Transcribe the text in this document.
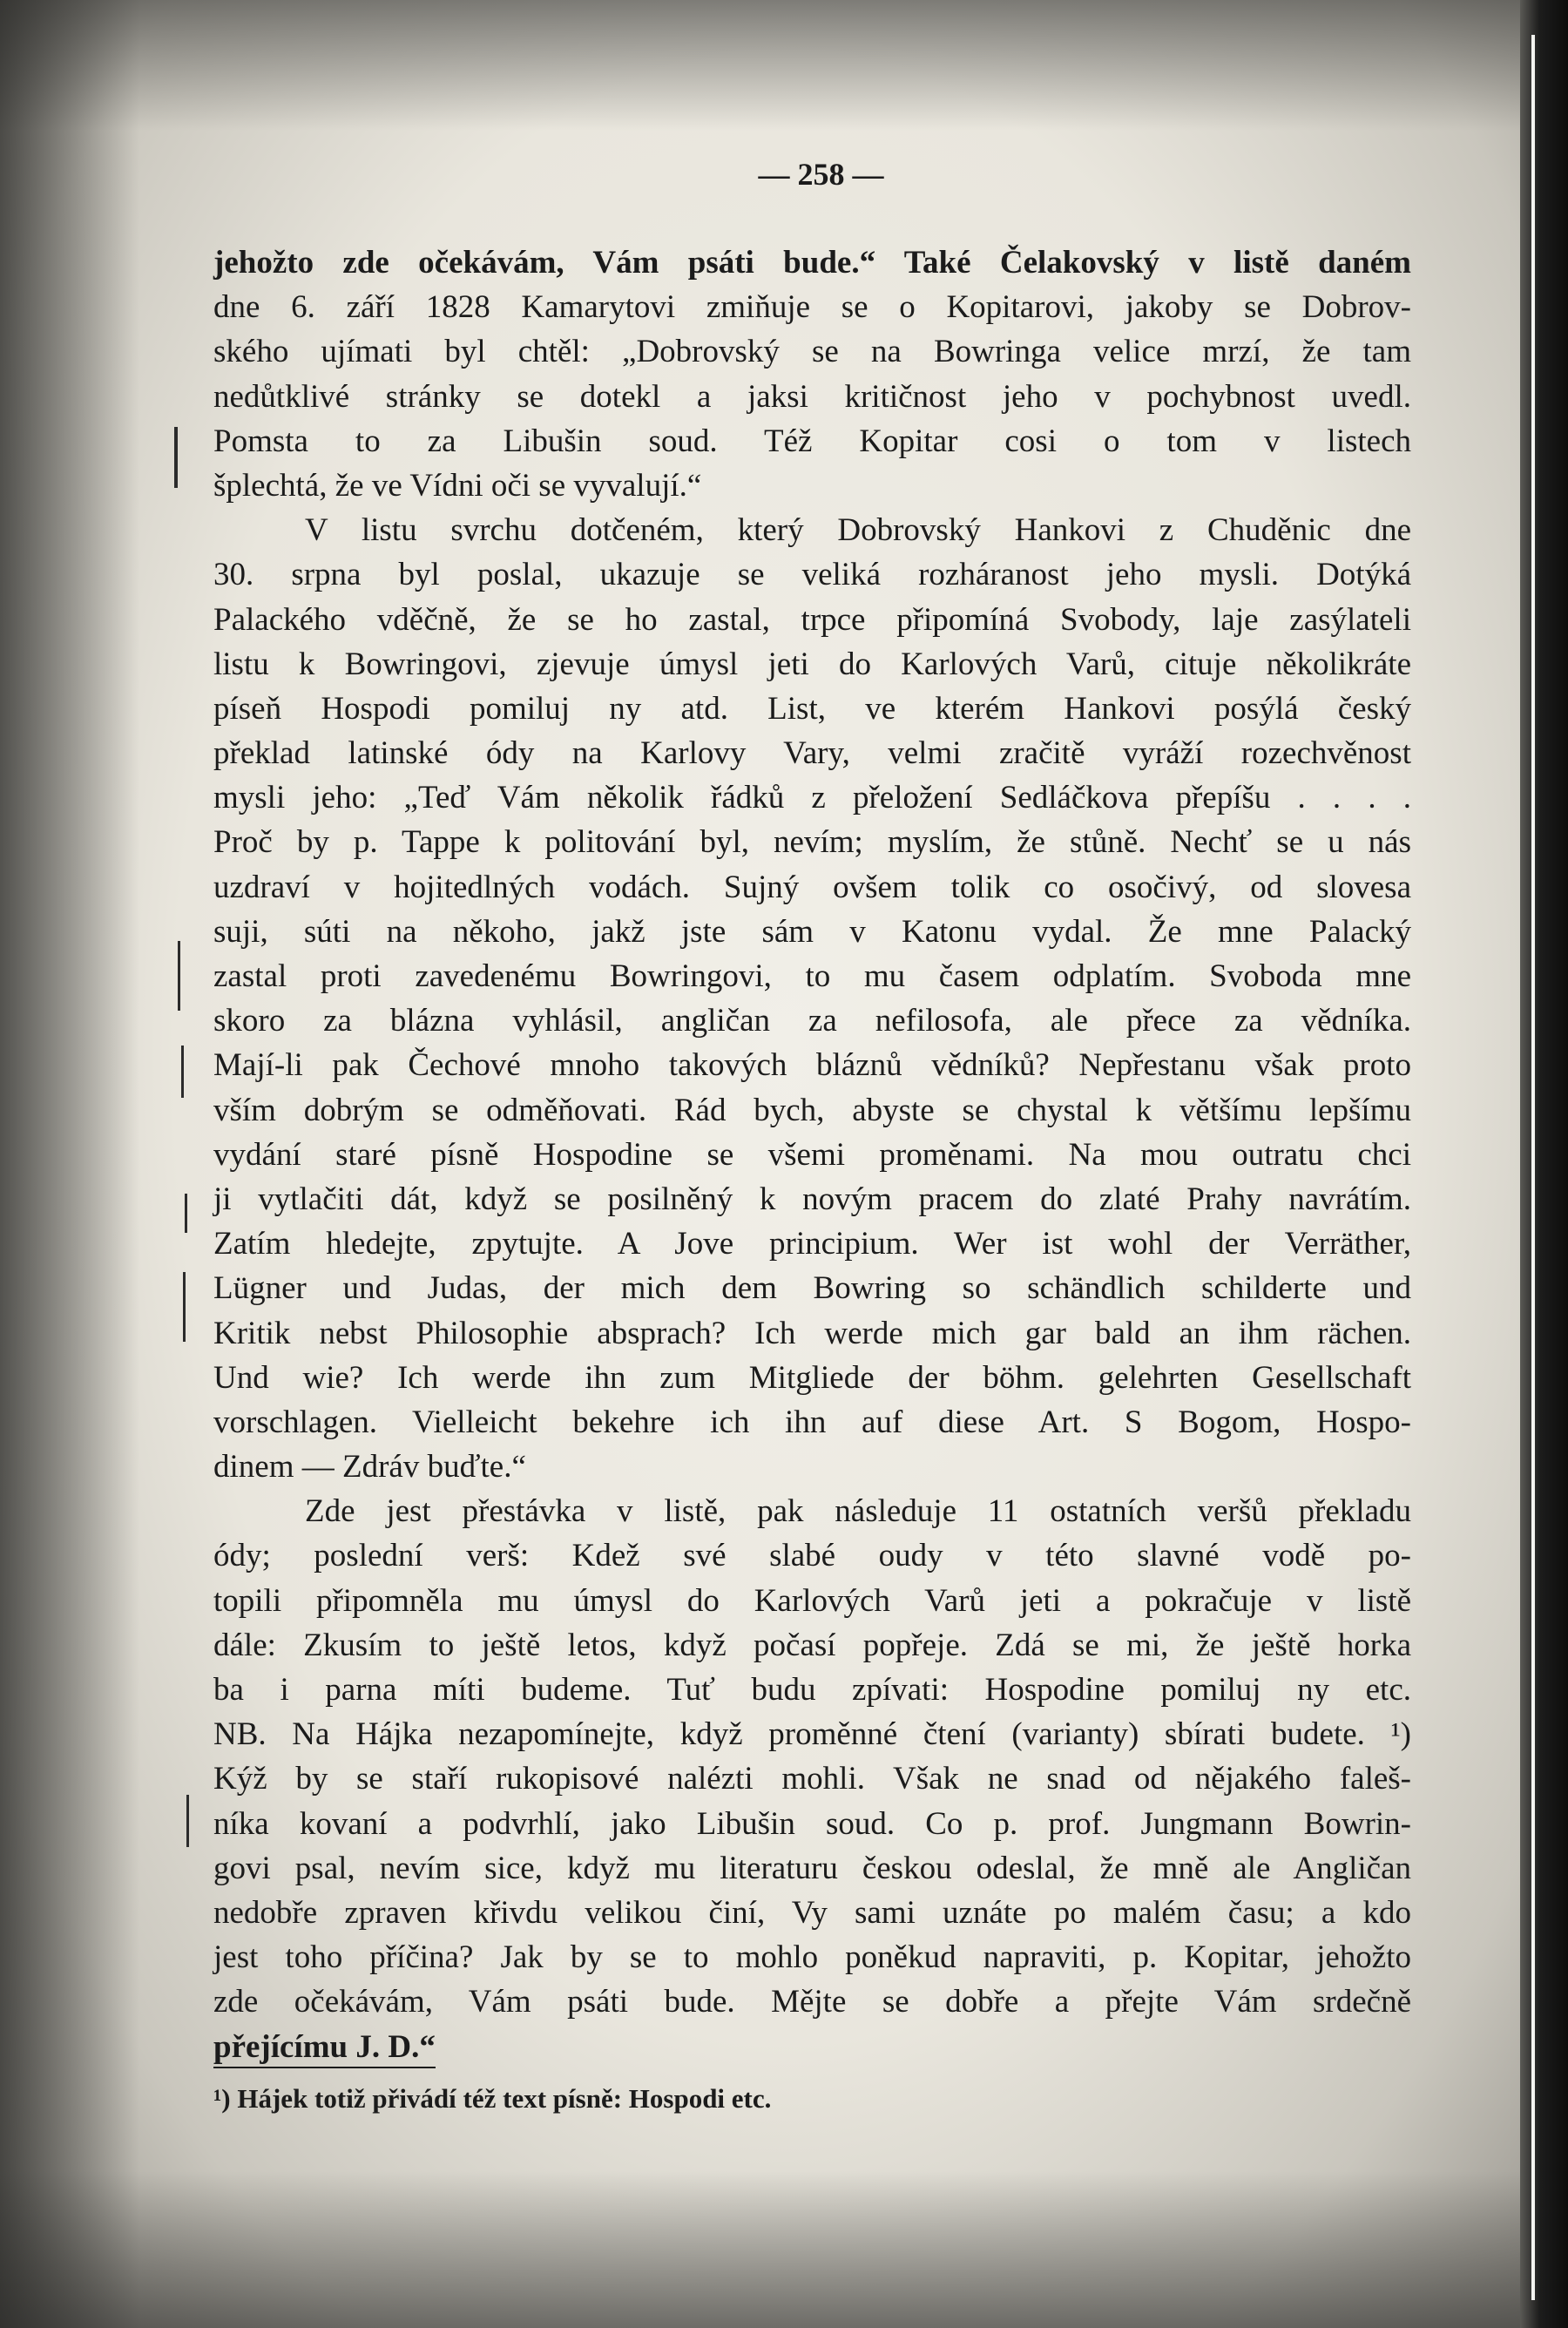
— 258 —
jehožto zde očekávám, Vám psáti bude.“ Také Čelakovský v listě daném
dne 6. září 1828 Kamarytovi zmiňuje se o Kopitarovi, jakoby se Dobrov-
ského ujímati byl chtěl: „Dobrovský se na Bowringa velice mrzí, že tam
nedůtklivé stránky se dotekl a jaksi kritičnost jeho v pochybnost uvedl.
Pomsta to za Libušin soud. Též Kopitar cosi o tom v listech
šplechtá, že ve Vídni oči se vyvalují.“
V listu svrchu dotčeném, který Dobrovský Hankovi z Chuděnic dne
30. srpna byl poslal, ukazuje se veliká rozháranost jeho mysli. Dotýká
Palackého vděčně, že se ho zastal, trpce připomíná Svobody, laje zasýlateli
listu k Bowringovi, zjevuje úmysl jeti do Karlových Varů, cituje několikráte
píseň Hospodi pomiluj ny atd. List, ve kterém Hankovi posýlá český
překlad latinské ódy na Karlovy Vary, velmi zračitě vyráží rozechvěnost
mysli jeho: „Teď Vám několik řádků z přeložení Sedláčkova přepíšu . . . .
Proč by p. Tappe k politování byl, nevím; myslím, že stůně. Nechť se u nás
uzdraví v hojitedlných vodách. Sujný ovšem tolik co osočivý, od slovesa
suji, súti na někoho, jakž jste sám v Katonu vydal. Že mne Palacký
zastal proti zavedenému Bowringovi, to mu časem odplatím. Svoboda mne
skoro za blázna vyhlásil, angličan za nefilosofa, ale přece za vědníka.
Mají-li pak Čechové mnoho takových bláznů vědníků? Nepřestanu však proto
vším dobrým se odměňovati. Rád bych, abyste se chystal k většímu lepšímu
vydání staré písně Hospodine se všemi proměnami. Na mou outratu chci
ji vytlačiti dát, když se posilněný k novým pracem do zlaté Prahy navrátím.
Zatím hledejte, zpytujte. A Jove principium. Wer ist wohl der Verräther,
Lügner und Judas, der mich dem Bowring so schändlich schilderte und
Kritik nebst Philosophie absprach? Ich werde mich gar bald an ihm rächen.
Und wie? Ich werde ihn zum Mitgliede der böhm. gelehrten Gesellschaft
vorschlagen. Vielleicht bekehre ich ihn auf diese Art. S Bogom, Hospo-
dinem — Zdráv buďte.“
Zde jest přestávka v listě, pak následuje 11 ostatních veršů překladu
ódy; poslední verš: Kdež své slabé oudy v této slavné vodě po-
topili připomněla mu úmysl do Karlových Varů jeti a pokračuje v listě
dále: Zkusím to ještě letos, když počasí popřeje. Zdá se mi, že ještě horka
ba i parna míti budeme. Tuť budu zpívati: Hospodine pomiluj ny etc.
NB. Na Hájka nezapomínejte, když proměnné čtení (varianty) sbírati budete. ¹)
Kýž by se staří rukopisové nalézti mohli. Však ne snad od nějakého faleš-
níka kovaní a podvrhlí, jako Libušin soud. Co p. prof. Jungmann Bowrin-
govi psal, nevím sice, když mu literaturu českou odeslal, že mně ale Angličan
nedobře zpraven křivdu velikou činí, Vy sami uznáte po malém času; a kdo
jest toho příčina? Jak by se to mohlo poněkud napraviti, p. Kopitar, jehožto
zde očekávám, Vám psáti bude. Mějte se dobře a přejte Vám srdečně
přejícímu J. D.“
¹) Hájek totiž přivádí též text písně: Hospodi etc.
